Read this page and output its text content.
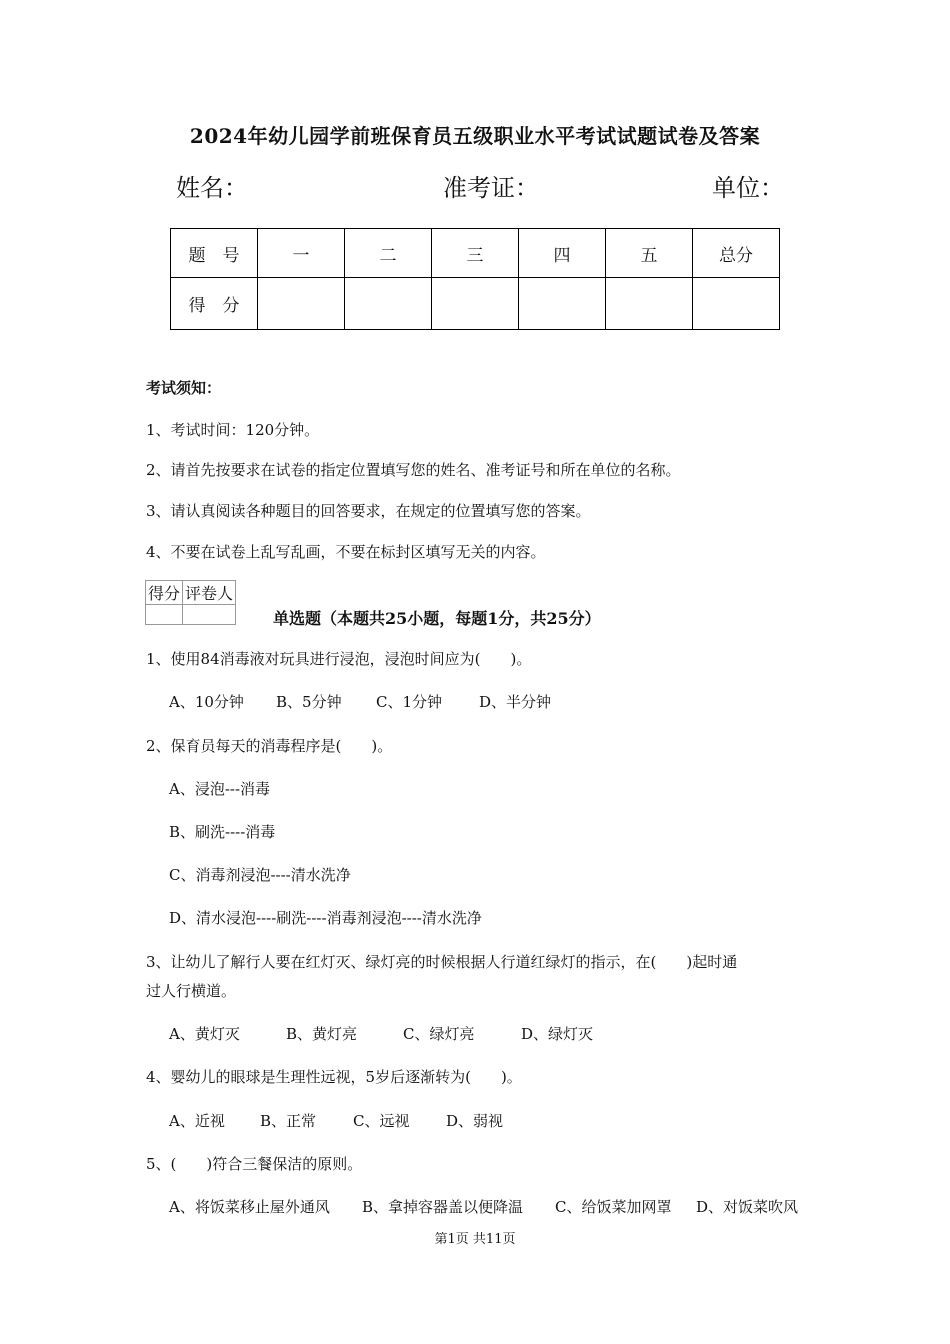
2024年幼儿园学前班保育员五级职业水平考试试题试卷及答案
姓名：	准考证：	单位：
题　号	一	二	三	四	五	总分
得　分						
考试须知：
1、考试时间：120分钟。
2、请首先按要求在试卷的指定位置填写您的姓名、准考证号和所在单位的名称。
3、请认真阅读各种题目的回答要求，在规定的位置填写您的答案。
4、不要在试卷上乱写乱画，不要在标封区填写无关的内容。
得分	评卷人

单选题（本题共25小题，每题1分，共25分）
1、使用84消毒液对玩具进行浸泡，浸泡时间应为(　　)。
A、10分钟 B、5分钟 C、1分钟 D、半分钟
2、保育员每天的消毒程序是(　　)。
A、浸泡---消毒
B、刷洗----消毒
C、消毒剂浸泡----清水洗净
D、清水浸泡----刷洗----消毒剂浸泡----清水洗净
3、让幼儿了解行人要在红灯灭、绿灯亮的时候根据人行道红绿灯的指示，在(　　)起时通
过人行横道。
A、黄灯灭	B、黄灯亮	C、绿灯亮	D、绿灯灭
4、婴幼儿的眼球是生理性远视，5岁后逐渐转为(　　)。
A、近视 B、正常 C、远视 D、弱视
5、(　　)符合三餐保洁的原则。
A、将饭菜移止屋外通风 B、拿掉容器盖以便降温 C、给饭菜加网罩 D、对饭菜吹风
第1页 共11页
